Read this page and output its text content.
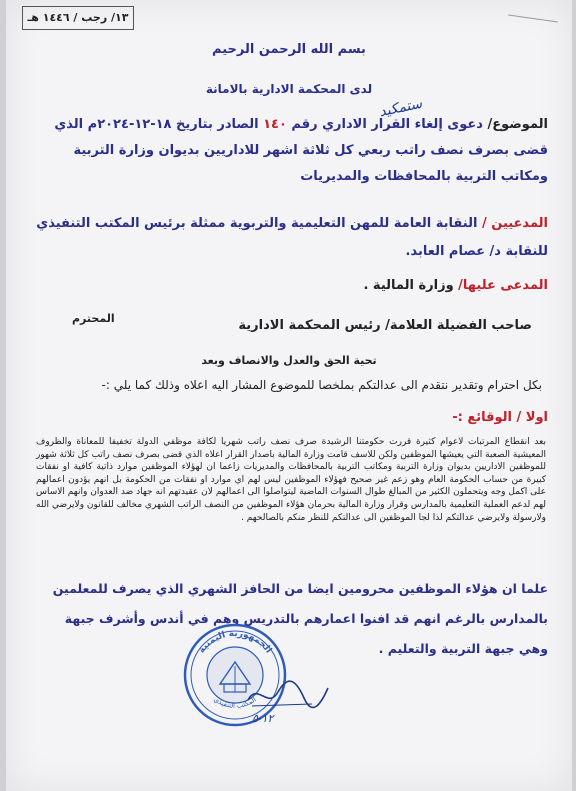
١٣/ رجب / ١٤٤٦ هـ
بسم الله الرحمن الرحيم
لدى المحكمة الادارية بالامانة
ستمكيد
الموضوع/ دعوى إلغاء القرار الاداري رقم ١٤٠ الصادر بتاريخ ١٨-١٢-٢٠٢٤م الذي قضى بصرف نصف راتب ربعي كل ثلاثة اشهر للاداريين بديوان وزارة التربية ومكاتب التربية بالمحافظات والمديريات
المدعيين / النقابة العامة للمهن التعليمية والتربوية ممثلة برئيس المكتب التنفيذي للنقابة د/ عصام العابد.
المدعى عليها/ وزارة المالية .
صاحب الفضيلة العلامة/ رئيس المحكمة الادارية
المحترم
تحية الحق والعدل والانصاف وبعد
بكل احترام وتقدير نتقدم الى عدالتكم بملخصا للموضوع المشار اليه اعلاه وذلك كما يلي :-
اولا / الوقائع :-
بعد انقطاع المرتبات لاعوام كثيرة قررت حكومتنا الرشيدة صرف نصف راتب شهريا لكافة موظفي الدولة تخفيفا للمعاناة والظروف المعيشية الصعبة التي يعيشها الموظفين ولكن للاسف قامت وزارة المالية باصدار القرار اعلاه الذي قضى بصرف نصف راتب كل ثلاثة شهور للموظفين الاداريين بديوان وزارة التربية ومكاتب التربية بالمحافظات والمديريات زاعما ان لهؤلاء الموظفين موارد ذاتية كافية او نفقات كبيرة من حساب الحكومة العام وهو زعم غير صحيح فهؤلاء الموظفين ليس لهم اي موارد او نفقات من الحكومة بل انهم يؤدون اعمالهم على اكمل وجه ويتحملون الكثير من المبالغ طوال السنوات الماضية ليتواصلوا الى اعمالهم لان عقيدتهم انه جهاد ضد العدوان وانهم الاساس لهم لدعم العملية التعليمية بالمدارس وقرار وزارة المالية بحرمان هؤلاء الموظفين من النصف الراتب الشهري مخالف للقانون ولايرضي الله ولارسولة ولايرضي عدالتكم لذا لجا الموظفين الى عدالتكم للنظر منكم بالصالحهم .
علما ان هؤلاء الموظفين محرومين ايضا من الحافز الشهري الذي يصرف للمعلمين بالمدارس بالرغم انهم قد افنوا اعمارهم بالتدريس وهم في أندس وأشرف جبهة وهي جبهة التربية والتعليم .
الجمهورية اليمنية
المكتب التنفيذي
١٢-٥
